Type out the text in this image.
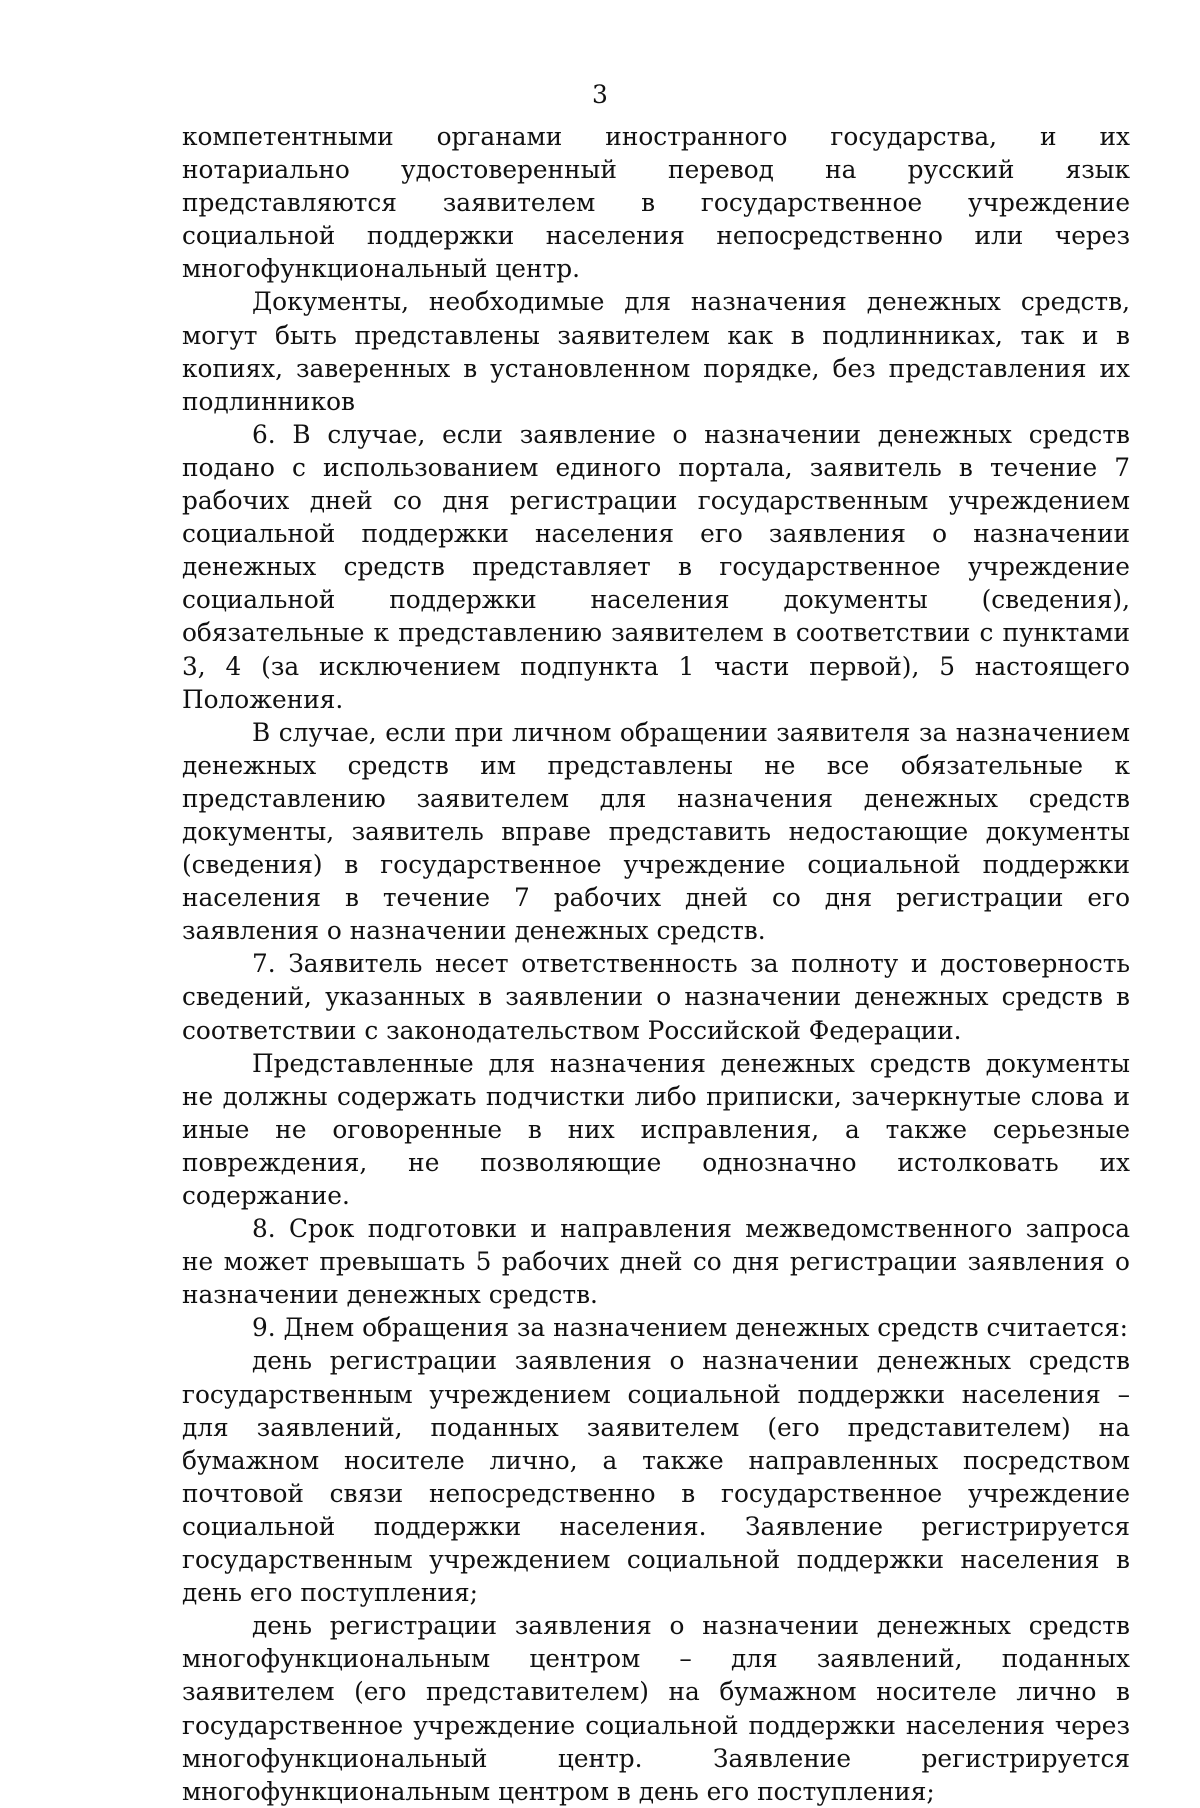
3

компетентными органами иностранного государства, и их нотариально удостоверенный перевод на русский язык представляются заявителем в государственное учреждение социальной поддержки населения непосредственно или через многофункциональный центр.

Документы, необходимые для назначения денежных средств, могут быть представлены заявителем как в подлинниках, так и в копиях, заверенных в установленном порядке, без представления их подлинников

6. В случае, если заявление о назначении денежных средств подано с использованием единого портала, заявитель в течение 7 рабочих дней со дня регистрации государственным учреждением социальной поддержки населения его заявления о назначении денежных средств представляет в государственное учреждение социальной поддержки населения документы (сведения), обязательные к представлению заявителем в соответствии с пунктами 3, 4 (за исключением подпункта 1 части первой), 5 настоящего Положения.

В случае, если при личном обращении заявителя за назначением денежных средств им представлены не все обязательные к представлению заявителем для назначения денежных средств документы, заявитель вправе представить недостающие документы (сведения) в государственное учреждение социальной поддержки населения в течение 7 рабочих дней со дня регистрации его заявления о назначении денежных средств.

7. Заявитель несет ответственность за полноту и достоверность сведений, указанных в заявлении о назначении денежных средств в соответствии с законодательством Российской Федерации.

Представленные для назначения денежных средств документы не должны содержать подчистки либо приписки, зачеркнутые слова и иные не оговоренные в них исправления, а также серьезные повреждения, не позволяющие однозначно истолковать их содержание.

8. Срок подготовки и направления межведомственного запроса не может превышать 5 рабочих дней со дня регистрации заявления о назначении денежных средств.

9. Днем обращения за назначением денежных средств считается:

день регистрации заявления о назначении денежных средств государственным учреждением социальной поддержки населения – для заявлений, поданных заявителем (его представителем) на бумажном носителе лично, а также направленных посредством почтовой связи непосредственно в государственное учреждение социальной поддержки населения. Заявление регистрируется государственным учреждением социальной поддержки населения в день его поступления;

день регистрации заявления о назначении денежных средств многофункциональным центром – для заявлений, поданных заявителем (его представителем) на бумажном носителе лично в государственное учреждение социальной поддержки населения через многофункциональный центр. Заявление регистрируется многофункциональным центром в день его поступления;
